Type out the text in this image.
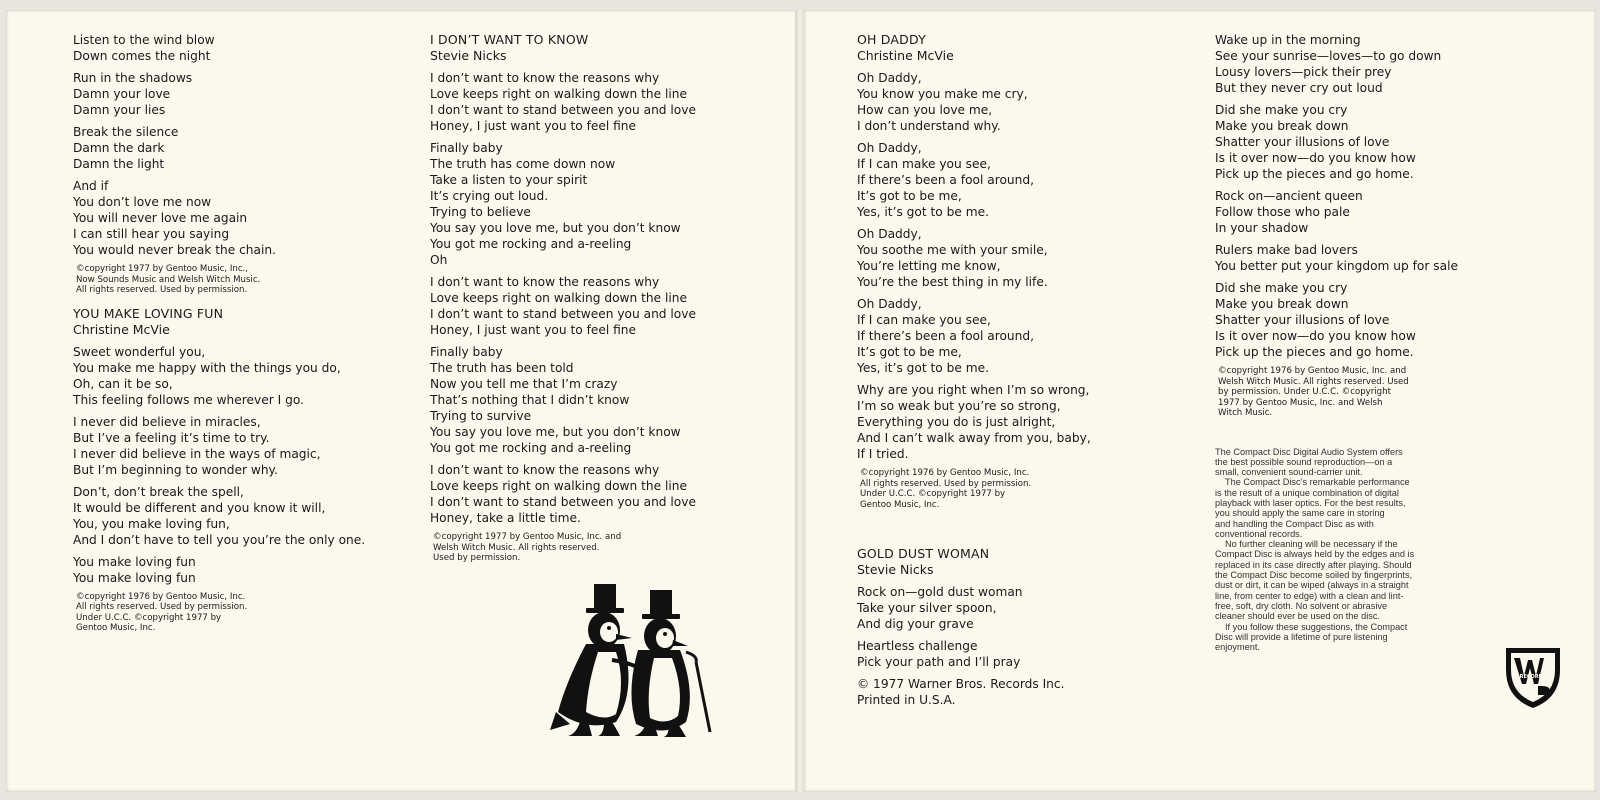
Listen to the wind blow
Down comes the night
Run in the shadows
Damn your love
Damn your lies
Break the silence
Damn the dark
Damn the light
And if
You don’t love me now
You will never love me again
I can still hear you saying
You would never break the chain.
©copyright 1977 by Gentoo Music, Inc.,
Now Sounds Music and Welsh Witch Music.
All rights reserved. Used by permission.
YOU MAKE LOVING FUN
Christine McVie
Sweet wonderful you,
You make me happy with the things you do,
Oh, can it be so,
This feeling follows me wherever I go.
I never did believe in miracles,
But I’ve a feeling it’s time to try.
I never did believe in the ways of magic,
But I’m beginning to wonder why.
Don’t, don’t break the spell,
It would be different and you know it will,
You, you make loving fun,
And I don’t have to tell you you’re the only one.
You make loving fun
You make loving fun
©copyright 1976 by Gentoo Music, Inc.
All rights reserved. Used by permission.
Under U.C.C. ©copyright 1977 by
Gentoo Music, Inc.
I DON’T WANT TO KNOW
Stevie Nicks
I don’t want to know the reasons why
Love keeps right on walking down the line
I don’t want to stand between you and love
Honey, I just want you to feel fine
Finally baby
The truth has come down now
Take a listen to your spirit
It’s crying out loud.
Trying to believe
You say you love me, but you don’t know
You got me rocking and a-reeling
Oh
I don’t want to know the reasons why
Love keeps right on walking down the line
I don’t want to stand between you and love
Honey, I just want you to feel fine
Finally baby
The truth has been told
Now you tell me that I’m crazy
That’s nothing that I didn’t know
Trying to survive
You say you love me, but you don’t know
You got me rocking and a-reeling
I don’t want to know the reasons why
Love keeps right on walking down the line
I don’t want to stand between you and love
Honey, take a little time.
©copyright 1977 by Gentoo Music, Inc. and
Welsh Witch Music. All rights reserved.
Used by permission.
OH DADDY
Christine McVie
Oh Daddy,
You know you make me cry,
How can you love me,
I don’t understand why.
Oh Daddy,
If I can make you see,
If there’s been a fool around,
It’s got to be me,
Yes, it’s got to be me.
Oh Daddy,
You soothe me with your smile,
You’re letting me know,
You’re the best thing in my life.
Oh Daddy,
If I can make you see,
If there’s been a fool around,
It’s got to be me,
Yes, it’s got to be me.
Why are you right when I’m so wrong,
I’m so weak but you’re so strong,
Everything you do is just alright,
And I can’t walk away from you, baby,
If I tried.
©copyright 1976 by Gentoo Music, Inc.
All rights reserved. Used by permission.
Under U.C.C. ©copyright 1977 by
Gentoo Music, Inc.
GOLD DUST WOMAN
Stevie Nicks
Rock on—gold dust woman
Take your silver spoon,
And dig your grave
Heartless challenge
Pick your path and I’ll pray
© 1977 Warner Bros. Records Inc.
Printed in U.S.A.
Wake up in the morning
See your sunrise—loves—to go down
Lousy lovers—pick their prey
But they never cry out loud
Did she make you cry
Make you break down
Shatter your illusions of love
Is it over now—do you know how
Pick up the pieces and go home.
Rock on—ancient queen
Follow those who pale
In your shadow
Rulers make bad lovers
You better put your kingdom up for sale
Did she make you cry
Make you break down
Shatter your illusions of love
Is it over now—do you know how
Pick up the pieces and go home.
©copyright 1976 by Gentoo Music, Inc. and
Welsh Witch Music. All rights reserved. Used
by permission. Under U.C.C. ©copyright
1977 by Gentoo Music, Inc. and Welsh
Witch Music.
The Compact Disc Digital Audio System offers
the best possible sound reproduction—on a
small, convenient sound-carrier unit.
The Compact Disc’s remarkable performance
is the result of a unique combination of digital
playback with laser optics. For the best results,
you should apply the same care in storing
and handling the Compact Disc as with
conventional records.
No further cleaning will be necessary if the
Compact Disc is always held by the edges and is
replaced in its case directly after playing. Should
the Compact Disc become soiled by fingerprints,
dust or dirt, it can be wiped (always in a straight
line, from center to edge) with a clean and lint-
free, soft, dry cloth. No solvent or abrasive
cleaner should ever be used on the disc.
If you follow these suggestions, the Compact
Disc will provide a lifetime of pure listening
enjoyment.
RECORDS
